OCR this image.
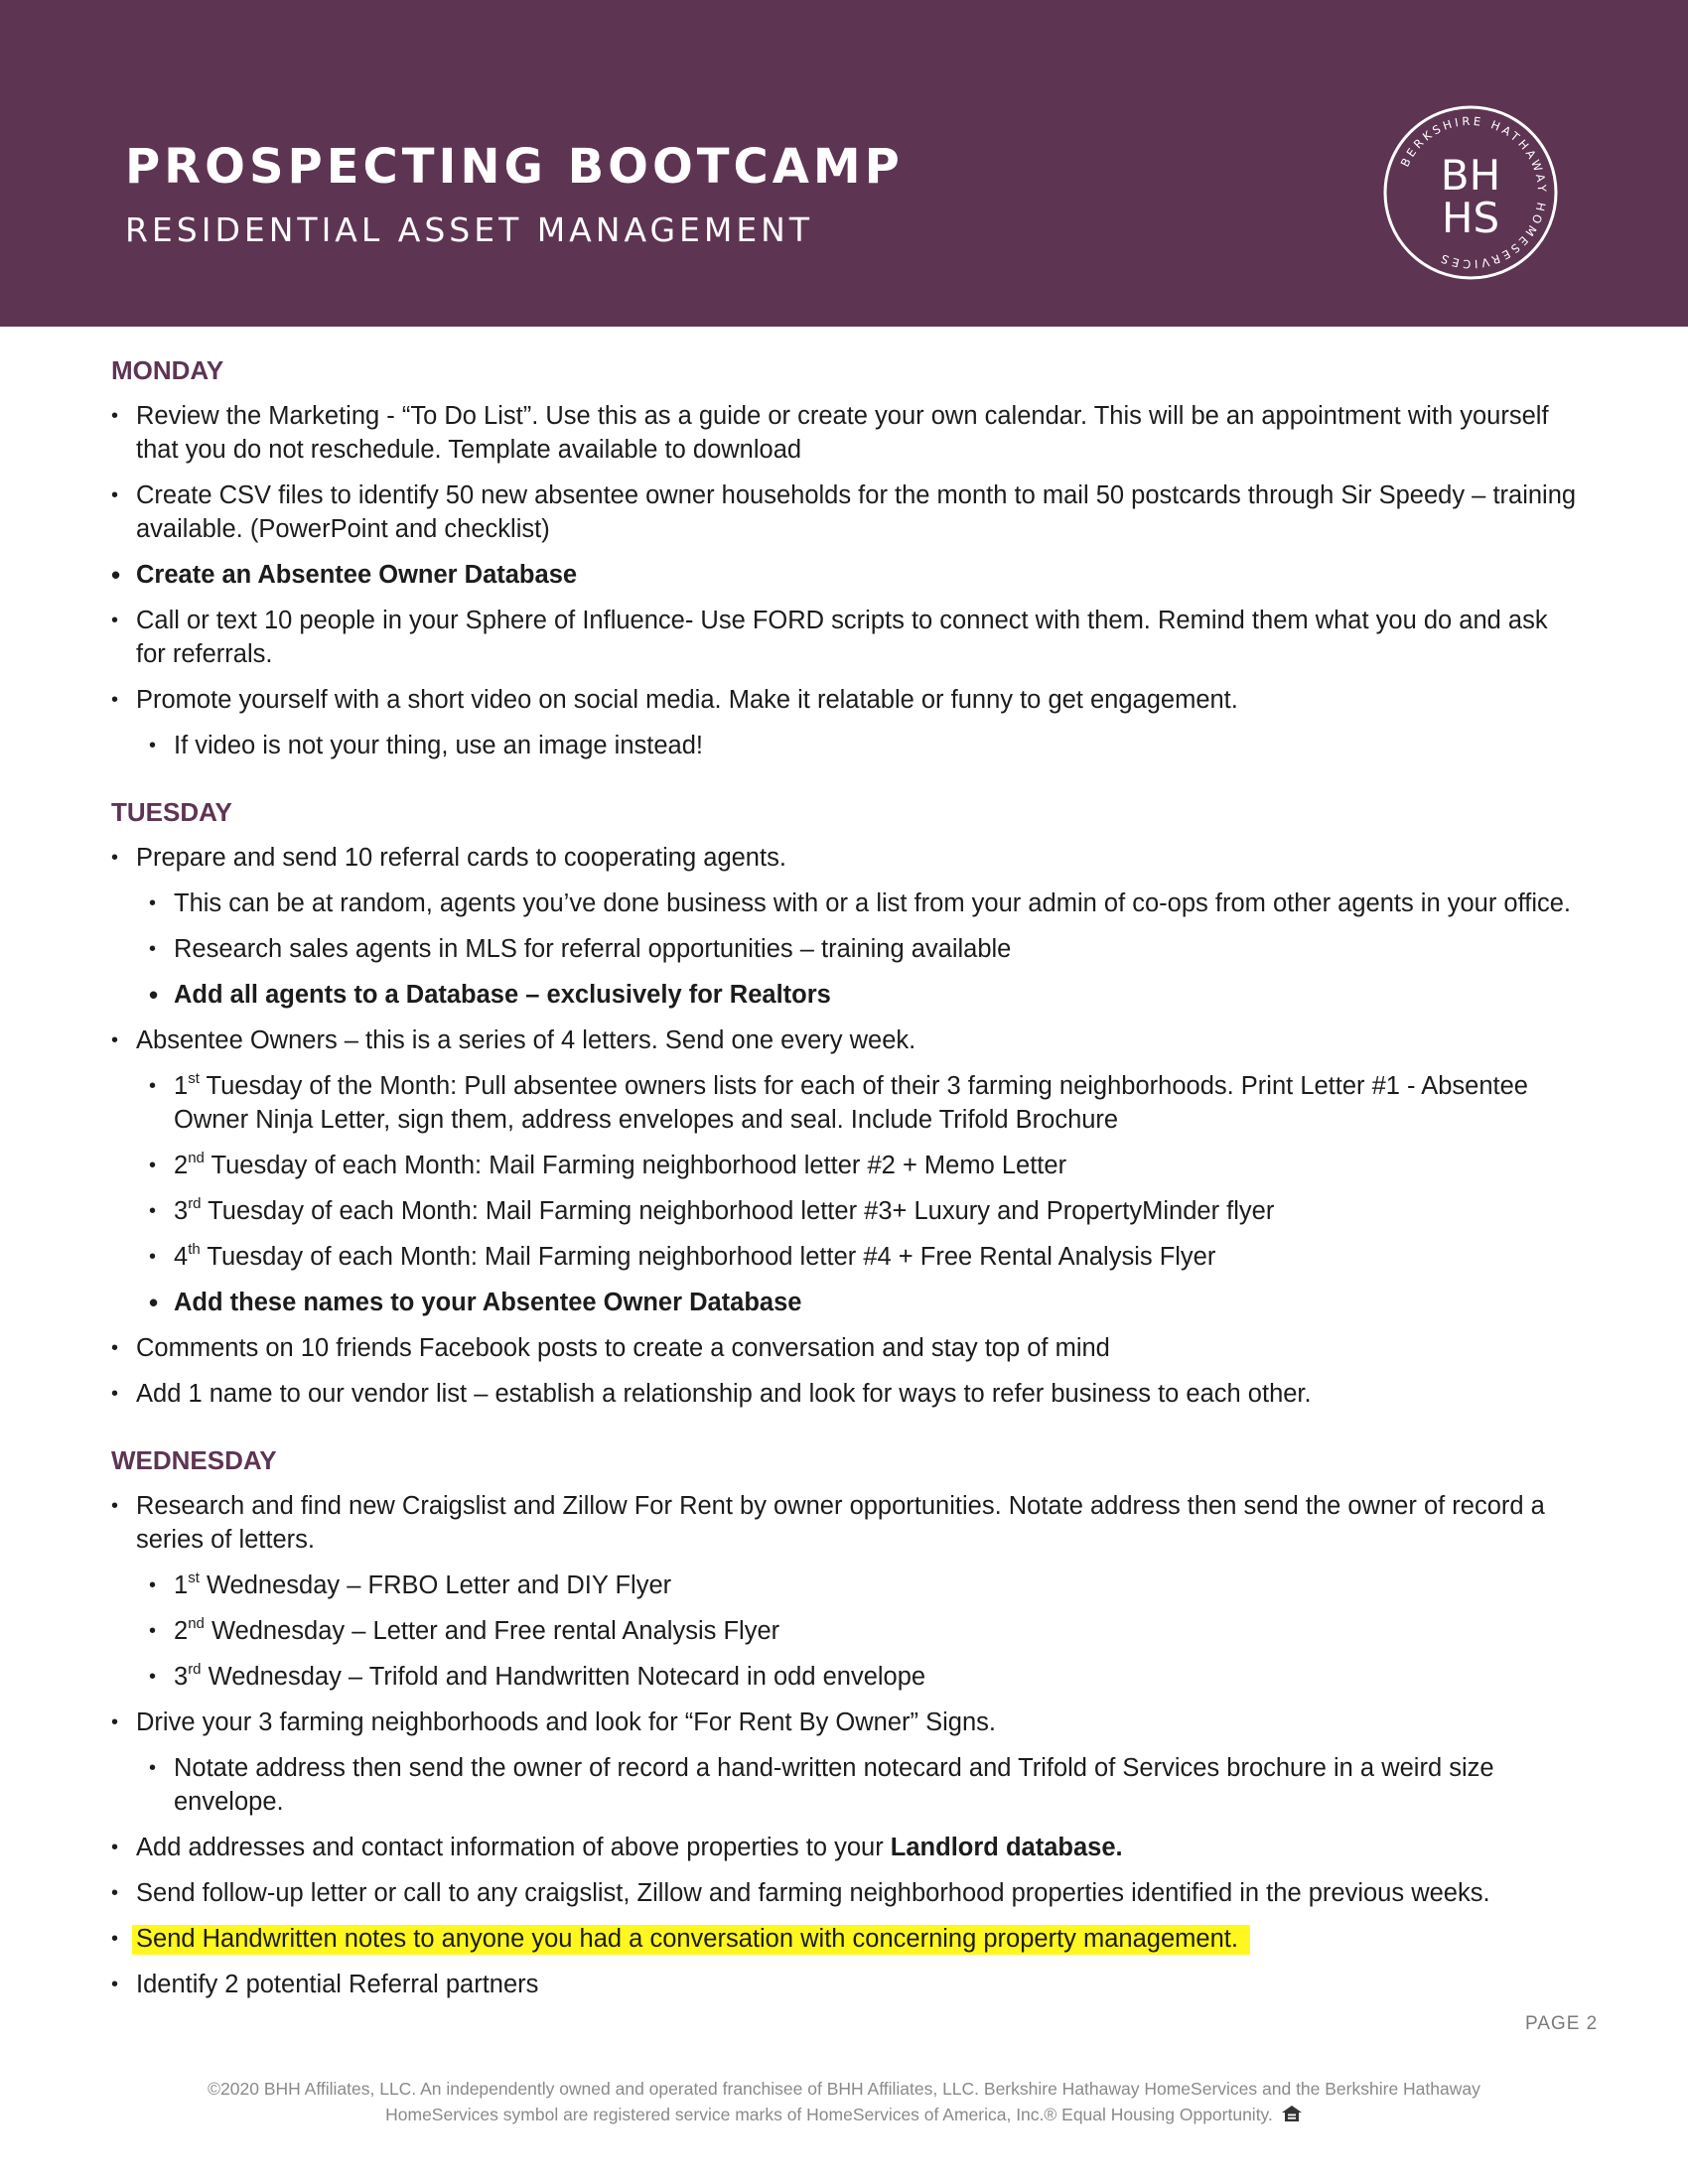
PROSPECTING BOOTCAMP
RESIDENTIAL ASSET MANAGEMENT
BERKSHIRE HATHAWAY HOMESERVICES
BH
HS
MONDAY
• Review the Marketing - “To Do List”. Use this as a guide or create your own calendar. This will be an appointment with yourself that you do not reschedule. Template available to download
• Create CSV files to identify 50 new absentee owner households for the month to mail 50 postcards through Sir Speedy – training available. (PowerPoint and checklist)
• Create an Absentee Owner Database
• Call or text 10 people in your Sphere of Influence- Use FORD scripts to connect with them. Remind them what you do and ask for referrals.
• Promote yourself with a short video on social media. Make it relatable or funny to get engagement.
• If video is not your thing, use an image instead!
TUESDAY
• Prepare and send 10 referral cards to cooperating agents.
• This can be at random, agents you’ve done business with or a list from your admin of co-ops from other agents in your office.
• Research sales agents in MLS for referral opportunities – training available
• Add all agents to a Database – exclusively for Realtors
• Absentee Owners – this is a series of 4 letters. Send one every week.
• 1st Tuesday of the Month: Pull absentee owners lists for each of their 3 farming neighborhoods. Print Letter #1 - Absentee Owner Ninja Letter, sign them, address envelopes and seal. Include Trifold Brochure
• 2nd Tuesday of each Month: Mail Farming neighborhood letter #2 + Memo Letter
• 3rd Tuesday of each Month: Mail Farming neighborhood letter #3+ Luxury and PropertyMinder flyer
• 4th Tuesday of each Month: Mail Farming neighborhood letter #4 + Free Rental Analysis Flyer
• Add these names to your Absentee Owner Database
• Comments on 10 friends Facebook posts to create a conversation and stay top of mind
• Add 1 name to our vendor list – establish a relationship and look for ways to refer business to each other.
WEDNESDAY
• Research and find new Craigslist and Zillow For Rent by owner opportunities. Notate address then send the owner of record a series of letters.
• 1st Wednesday – FRBO Letter and DIY Flyer
• 2nd Wednesday – Letter and Free rental Analysis Flyer
• 3rd Wednesday – Trifold and Handwritten Notecard in odd envelope
• Drive your 3 farming neighborhoods and look for “For Rent By Owner” Signs.
• Notate address then send the owner of record a hand-written notecard and Trifold of Services brochure in a weird size envelope.
• Add addresses and contact information of above properties to your Landlord database.
• Send follow-up letter or call to any craigslist, Zillow and farming neighborhood properties identified in the previous weeks.
• Send Handwritten notes to anyone you had a conversation with concerning property management.
• Identify 2 potential Referral partners
PAGE 2
©2020 BHH Affiliates, LLC. An independently owned and operated franchisee of BHH Affiliates, LLC. Berkshire Hathaway HomeServices and the Berkshire Hathaway
HomeServices symbol are registered service marks of HomeServices of America, Inc.® Equal Housing Opportunity.
